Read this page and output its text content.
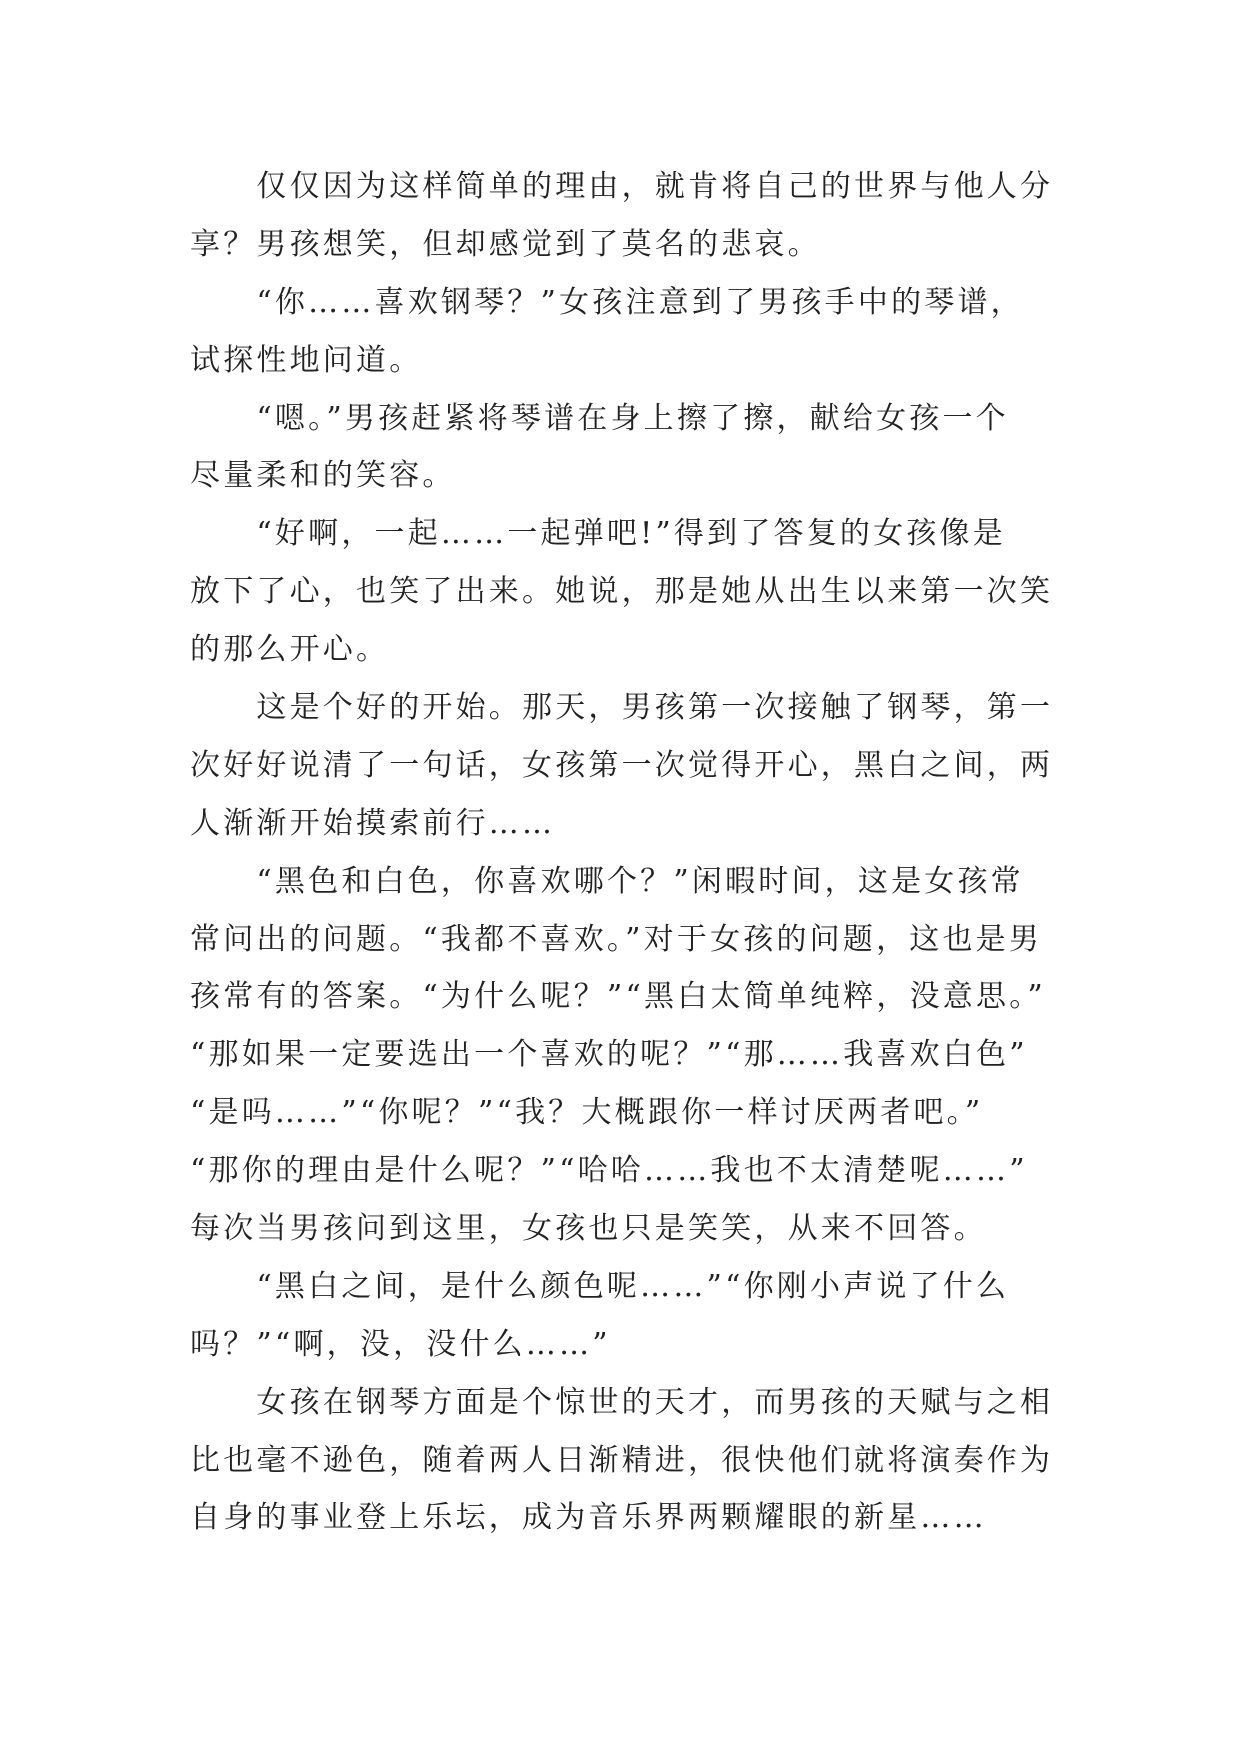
　　仅仅因为这样简单的理由，就肯将自己的世界与他人分
享？男孩想笑，但却感觉到了莫名的悲哀。
　　“你……喜欢钢琴？”女孩注意到了男孩手中的琴谱，
试探性地问道。
　　“嗯。”男孩赶紧将琴谱在身上擦了擦，献给女孩一个
尽量柔和的笑容。
　　“好啊，一起……一起弹吧!”得到了答复的女孩像是
放下了心，也笑了出来。她说，那是她从出生以来第一次笑
的那么开心。
　　这是个好的开始。那天，男孩第一次接触了钢琴，第一
次好好说清了一句话，女孩第一次觉得开心，黑白之间，两
人渐渐开始摸索前行……
　　“黑色和白色，你喜欢哪个？”闲暇时间，这是女孩常
常问出的问题。“我都不喜欢。”对于女孩的问题，这也是男
孩常有的答案。“为什么呢？”“黑白太简单纯粹，没意思。”
“那如果一定要选出一个喜欢的呢？”“那……我喜欢白色”
“是吗……”“你呢？”“我？大概跟你一样讨厌两者吧。”
“那你的理由是什么呢？”“哈哈……我也不太清楚呢……”
每次当男孩问到这里，女孩也只是笑笑，从来不回答。
　　“黑白之间，是什么颜色呢……”“你刚小声说了什么
吗？”“啊，没，没什么……”
　　女孩在钢琴方面是个惊世的天才，而男孩的天赋与之相
比也毫不逊色，随着两人日渐精进，很快他们就将演奏作为
自身的事业登上乐坛，成为音乐界两颗耀眼的新星……
